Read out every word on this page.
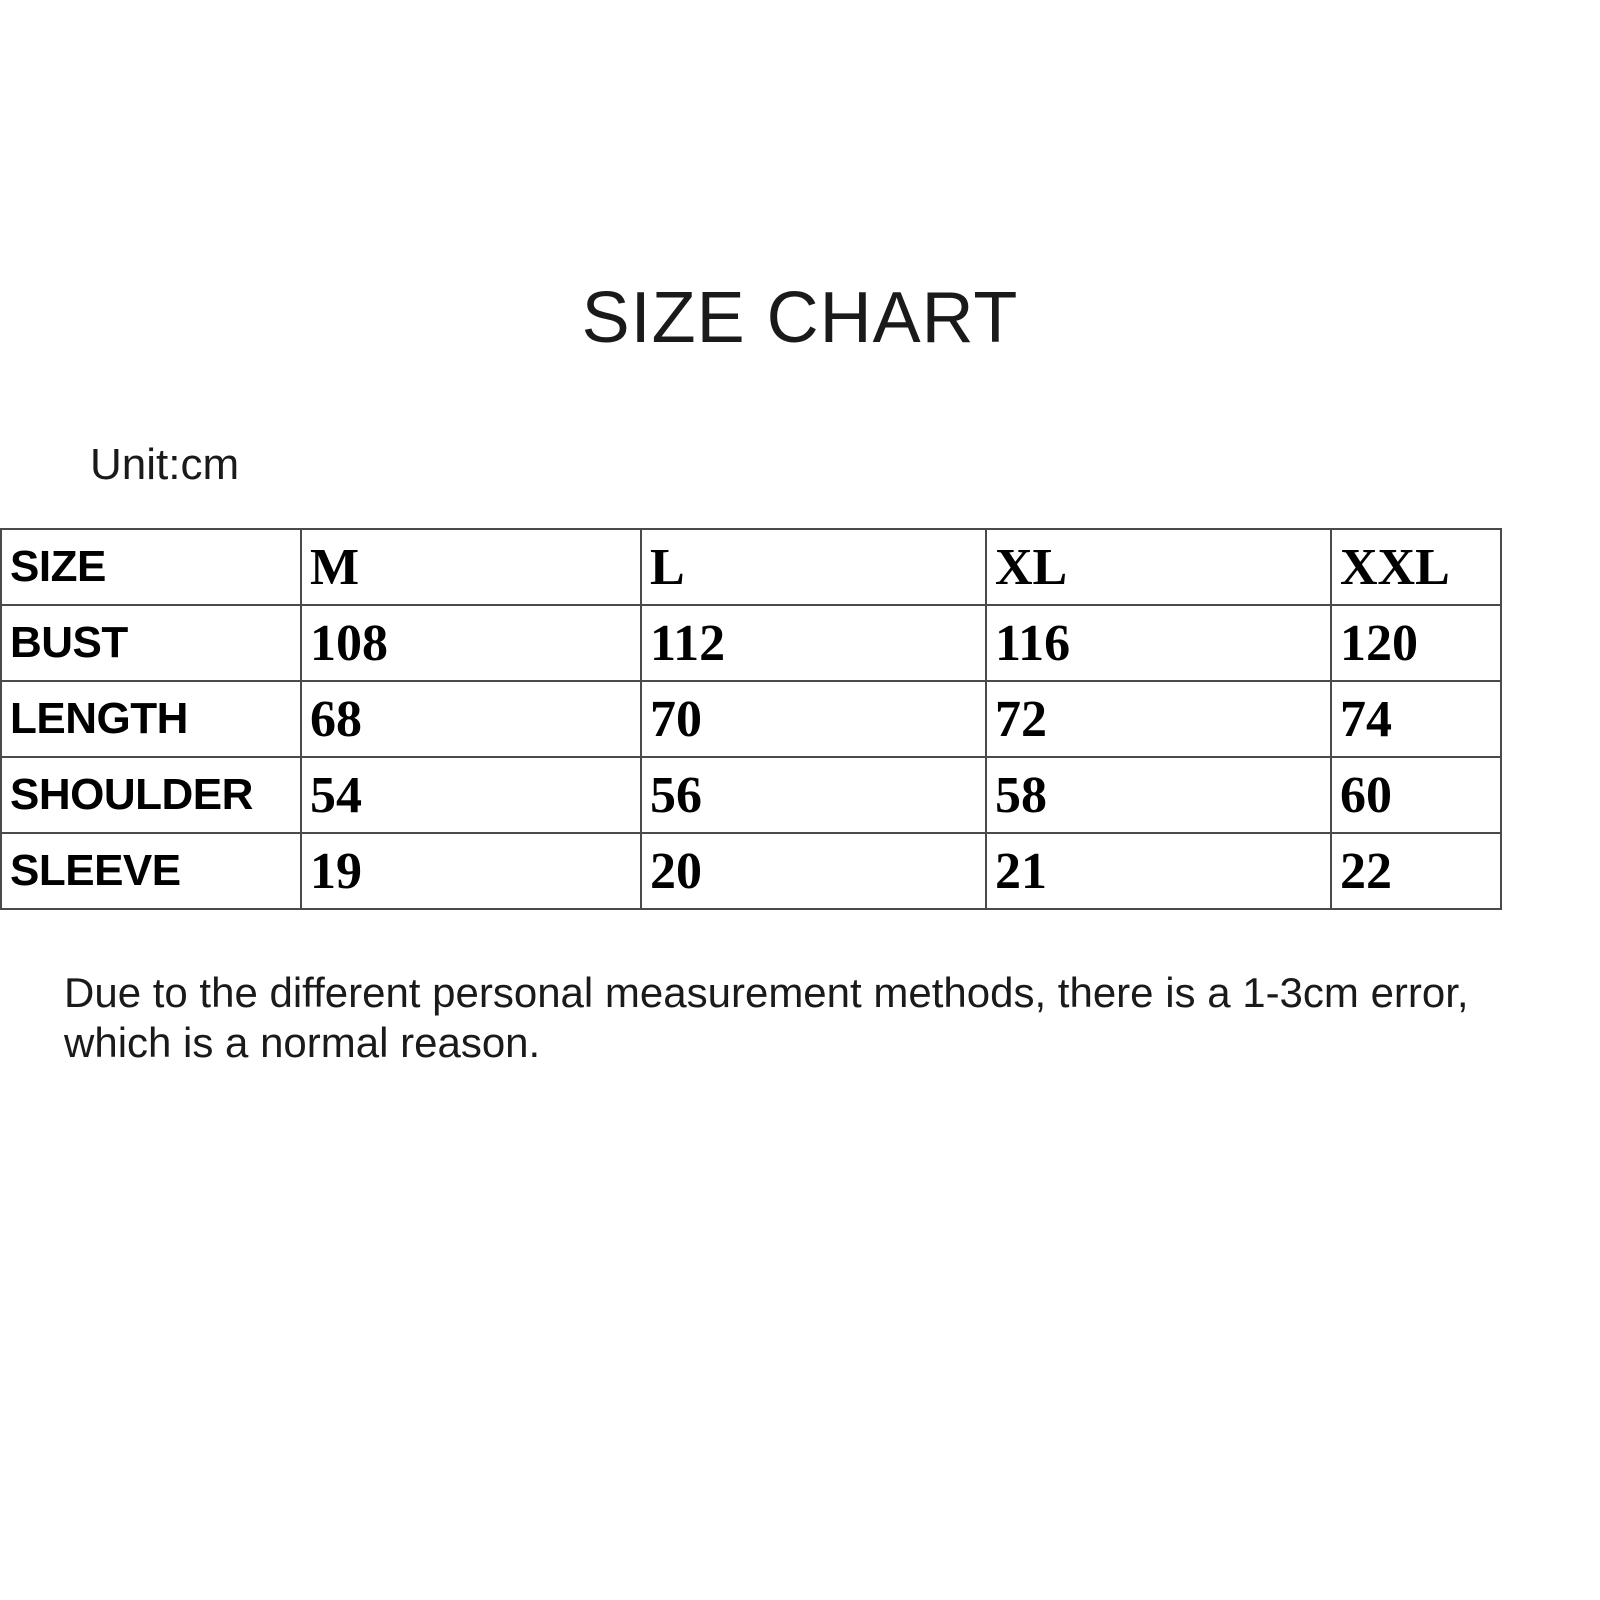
SIZE CHART
Unit:cm
SIZE	M	L	XL	XXL
BUST	108	112	116	120
LENGTH	68	70	72	74
SHOULDER	54	56	58	60
SLEEVE	19	20	21	22
Due to the different personal measurement methods, there is a 1-3cm error, which is a normal reason.
